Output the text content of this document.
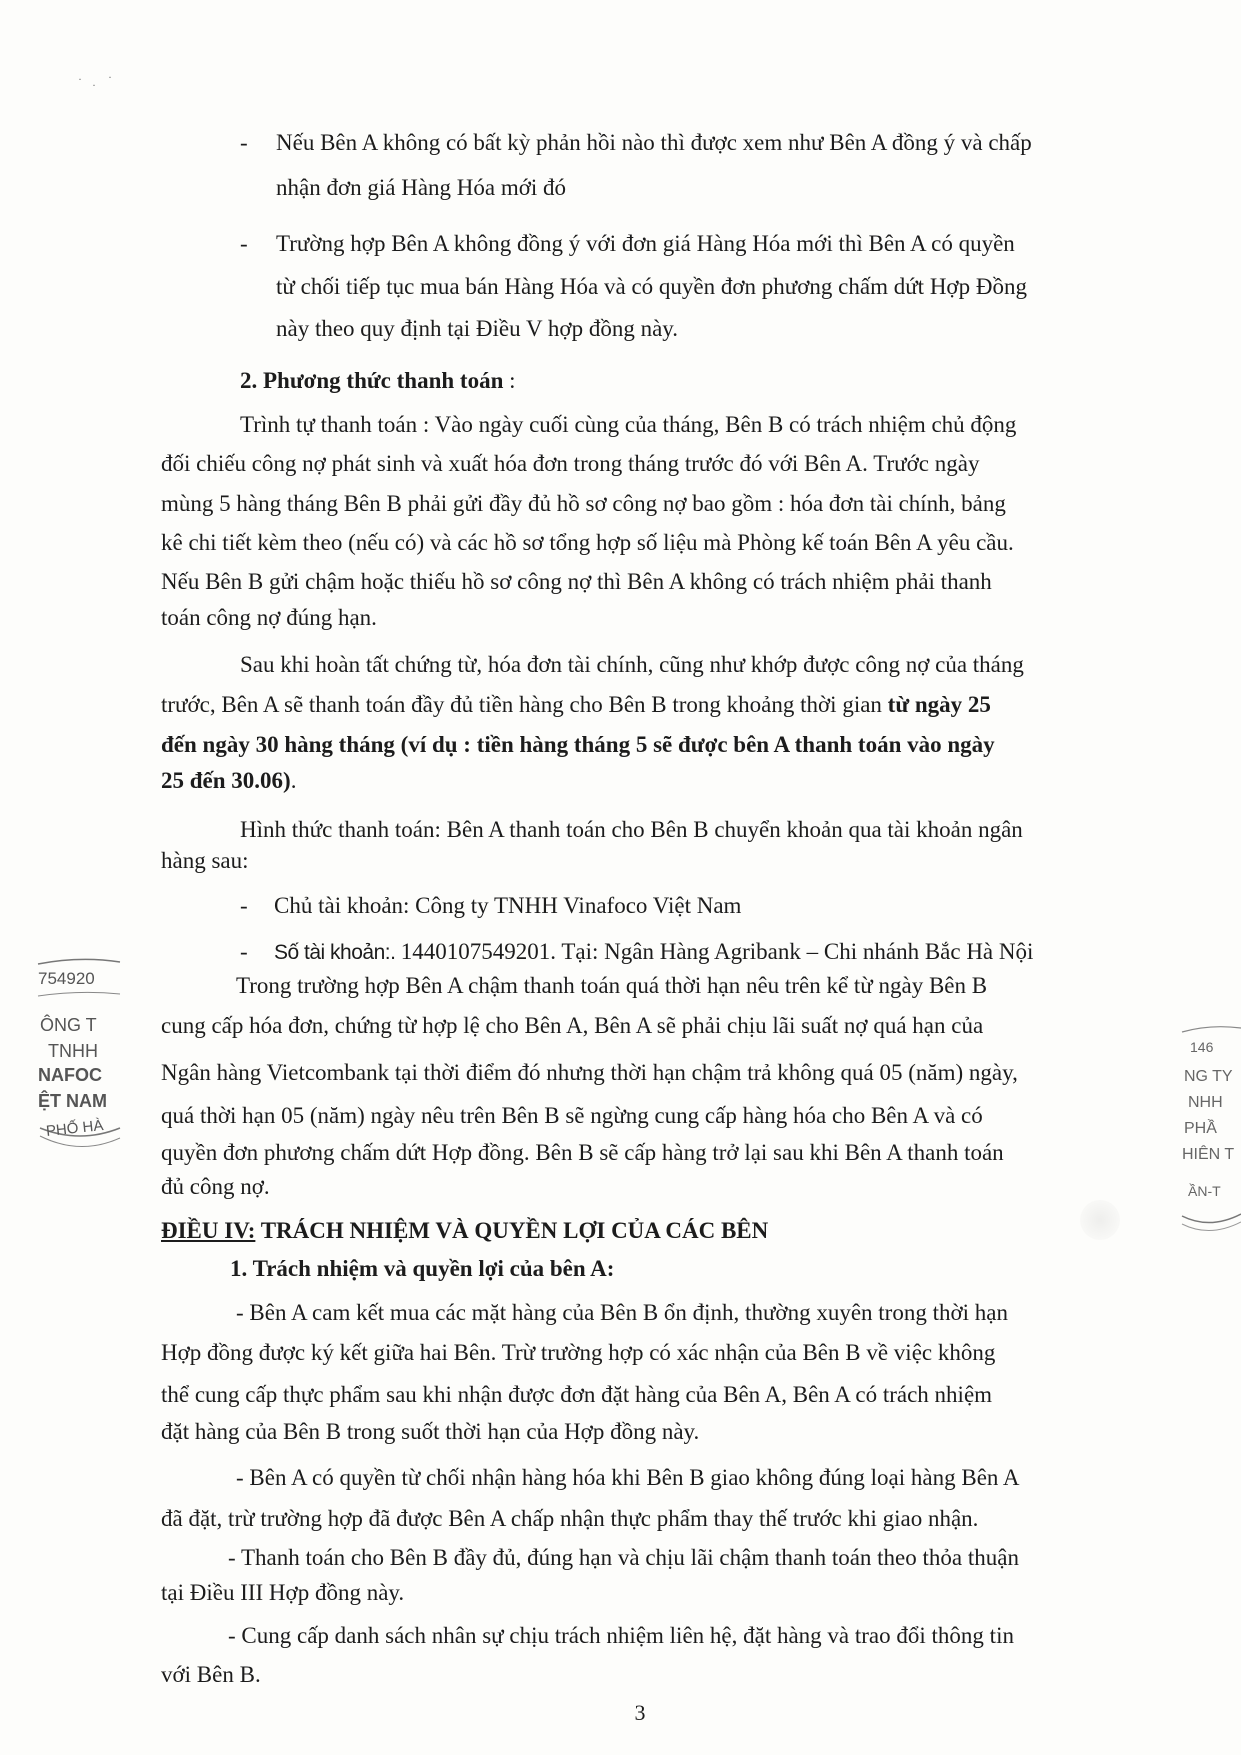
· ·
·
- Nếu Bên A không có bất kỳ phản hồi nào thì được xem như Bên A đồng ý và chấp
nhận đơn giá Hàng Hóa mới đó
- Trường hợp Bên A không đồng ý với đơn giá Hàng Hóa mới thì Bên A có quyền
từ chối tiếp tục mua bán Hàng Hóa và có quyền đơn phương chấm dứt Hợp Đồng
này theo quy định tại Điều V hợp đồng này.
2. Phương thức thanh toán :
Trình tự thanh toán : Vào ngày cuối cùng của tháng, Bên B có trách nhiệm chủ động
đối chiếu công nợ phát sinh và xuất hóa đơn trong tháng trước đó với Bên A. Trước ngày
mùng 5 hàng tháng Bên B phải gửi đầy đủ hồ sơ công nợ bao gồm : hóa đơn tài chính, bảng
kê chi tiết kèm theo (nếu có) và các hồ sơ tổng hợp số liệu mà Phòng kế toán Bên A yêu cầu.
Nếu Bên B gửi chậm hoặc thiếu hồ sơ công nợ thì Bên A không có trách nhiệm phải thanh
toán công nợ đúng hạn.
Sau khi hoàn tất chứng từ, hóa đơn tài chính, cũng như khớp được công nợ của tháng
trước, Bên A sẽ thanh toán đầy đủ tiền hàng cho Bên B trong khoảng thời gian từ ngày 25
đến ngày 30 hàng tháng (ví dụ : tiền hàng tháng 5 sẽ được bên A thanh toán vào ngày
25 đến 30.06).
Hình thức thanh toán: Bên A thanh toán cho Bên B chuyển khoản qua tài khoản ngân
hàng sau:
- Chủ tài khoản: Công ty TNHH Vinafoco Việt Nam
- Số tài khoản:. 1440107549201. Tại: Ngân Hàng Agribank – Chi nhánh Bắc Hà Nội
Trong trường hợp Bên A chậm thanh toán quá thời hạn nêu trên kể từ ngày Bên B
cung cấp hóa đơn, chứng từ hợp lệ cho Bên A, Bên A sẽ phải chịu lãi suất nợ quá hạn của
Ngân hàng Vietcombank tại thời điểm đó nhưng thời hạn chậm trả không quá 05 (năm) ngày,
quá thời hạn 05 (năm) ngày nêu trên Bên B sẽ ngừng cung cấp hàng hóa cho Bên A và có
quyền đơn phương chấm dứt Hợp đồng. Bên B sẽ cấp hàng trở lại sau khi Bên A thanh toán
đủ công nợ.
ĐIỀU IV: TRÁCH NHIỆM VÀ QUYỀN LỢI CỦA CÁC BÊN
1. Trách nhiệm và quyền lợi của bên A:
- Bên A cam kết mua các mặt hàng của Bên B ổn định, thường xuyên trong thời hạn
Hợp đồng được ký kết giữa hai Bên. Trừ trường hợp có xác nhận của Bên B về việc không
thể cung cấp thực phẩm sau khi nhận được đơn đặt hàng của Bên A, Bên A có trách nhiệm
đặt hàng của Bên B trong suốt thời hạn của Hợp đồng này.
- Bên A có quyền từ chối nhận hàng hóa khi Bên B giao không đúng loại hàng Bên A
đã đặt, trừ trường hợp đã được Bên A chấp nhận thực phẩm thay thế trước khi giao nhận.
- Thanh toán cho Bên B đầy đủ, đúng hạn và chịu lãi chậm thanh toán theo thỏa thuận
tại Điều III Hợp đồng này.
- Cung cấp danh sách nhân sự chịu trách nhiệm liên hệ, đặt hàng và trao đổi thông tin
với Bên B.
3
754920
ÔNG T
TNHH
NAFOC
ỆT NAM
PHỐ HÀ
146
NG TY
NHH
PHẦ
HIÊN T
ẦN-T
